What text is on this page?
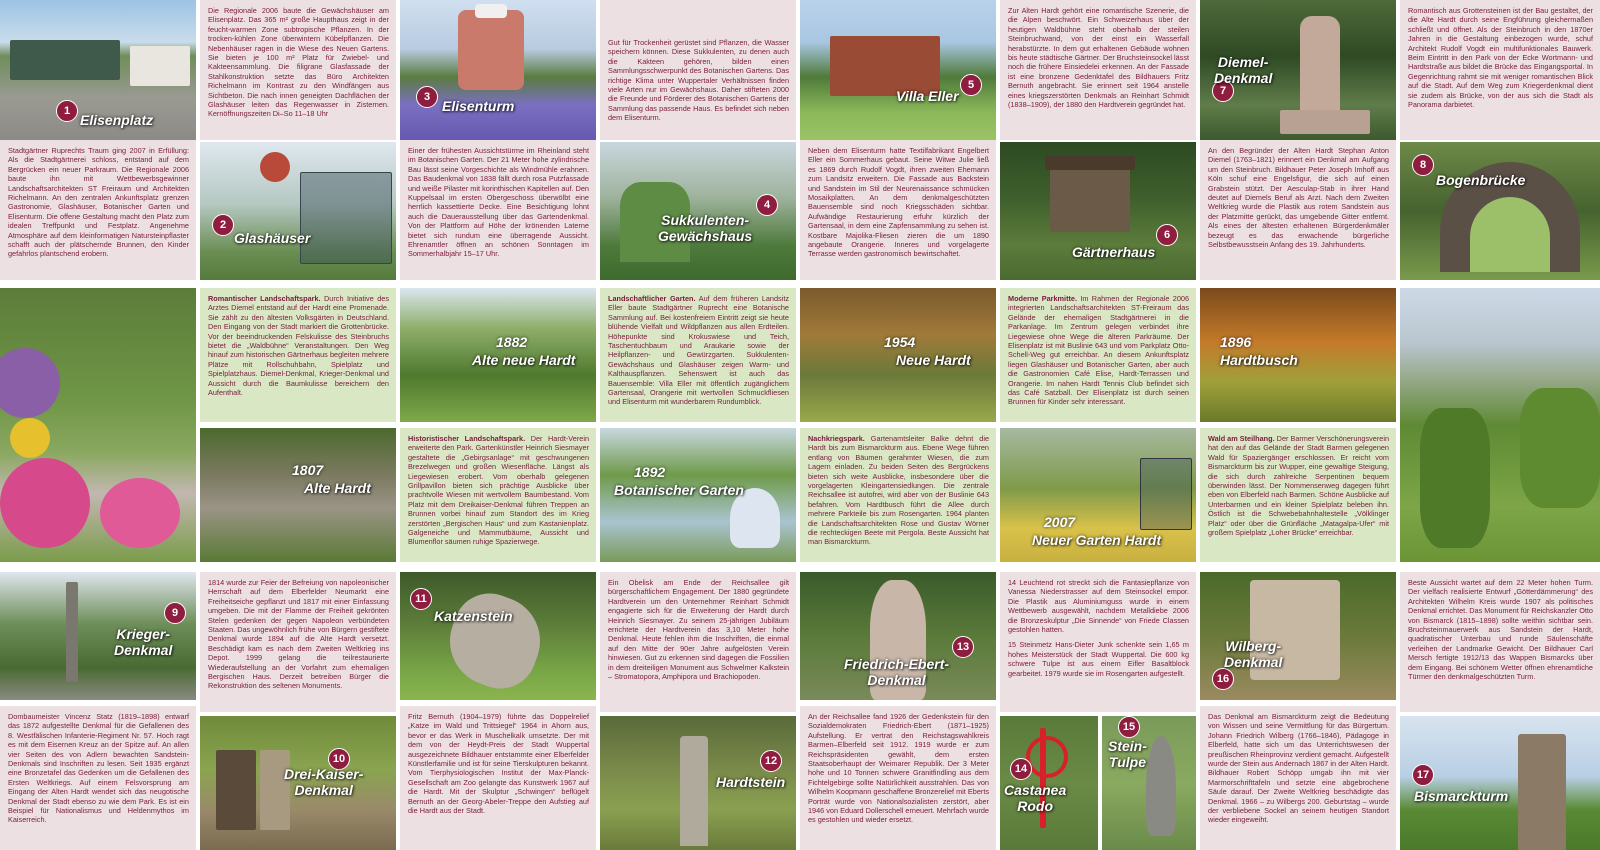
1
Elisenplatz
Stadtgärtner Ruprechts Traum ging 2007 in Erfüllung: Als die Stadtgärtnerei schloss, entstand auf dem Bergrücken ein neuer Parkraum. Die Regionale 2006 baute ihn mit Wettbewerbsgewinner Landschaftsarchitekten ST Freiraum und Architekten Richelmann. An den zentralen Ankunftsplatz grenzen Gastronomie, Glashäuser, Botanischer Garten und Elisenturm. Die offene Gestaltung macht den Platz zum idealen Treffpunkt und Festplatz. Angenehme Atmosphäre auf dem kleinformatigen Natursteinpflaster schafft auch der plätschernde Brunnen, den Kinder gefahrlos plantschend erobern.
Die Regionale 2006 baute die Gewächshäuser am Elisenplatz. Das 365 m² große Haupthaus zeigt in der feucht-warmen Zone subtropische Pflanzen. In der trocken-kühlen Zone überwintern Kübelpflanzen. Die Nebenhäuser ragen in die Wiese des Neuen Gartens. Sie bieten je 100 m² Platz für Zwiebel- und Kakteensammlung. Die filigrane Glasfassade der Stahlkonstruktion setzte das Büro Architekten Richelmann im Kontrast zu den Windfängen aus Sichtbeton. Die nach innen geneigten Dachflächen der Glashäuser leiten das Regenwasser in Zisternen. Kernöffnungszeiten Di–So 11–18 Uhr
2
Glashäuser
3
Elisenturm
Einer der frühesten Aussichtstürme im Rheinland steht im Botanischen Garten. Der 21 Meter hohe zylindrische Bau lässt seine Vorgeschichte als Windmühle erahnen. Das Baudenkmal von 1838 fällt durch rosa Putzfassade und weiße Pilaster mit korinthischen Kapitellen auf. Den Kuppelsaal im ersten Obergeschoss überwölbt eine herrlich kassettierte Decke. Eine Besichtigung lohnt auch die Dauerausstellung über das Gartendenkmal. Von der Plattform auf Höhe der krönenden Laterne bietet sich rundum eine überragende Aussicht. Ehrenamtler öffnen an schönen Sonntagen im Sommerhalbjahr 15–17 Uhr.
Gut für Trockenheit gerüstet sind Pflanzen, die Wasser speichern können. Diese Sukkulenten, zu denen auch die Kakteen gehören, bilden einen Sammlungsschwerpunkt des Botanischen Gartens. Das richtige Klima unter Wuppertaler Verhältnissen finden viele Arten nur im Gewächshaus. Daher stifteten 2000 die Freunde und Förderer des Botanischen Gartens der Sammlung das passende Haus. Es befindet sich neben dem Elisenturm.
4
Sukkulenten-
Gewächshaus
5
Villa Eller
Neben dem Elisenturm hatte Textilfabrikant Engelbert Eller ein Sommerhaus gebaut. Seine Witwe Julie ließ es 1869 durch Rudolf Vogdt, ihren zweiten Ehemann zum Landsitz erweitern. Die Fassade aus Backstein und Sandstein im Stil der Neurenaissance schmücken Mosaikplatten. An dem denkmalgeschützten Bauensemble sind noch Kriegsschäden sichtbar. Aufwändige Restaurierung erfuhr kürzlich der Gartensaal, in dem eine Zapfensammlung zu sehen ist. Kostbare Majolika-Fliesen zieren die um 1890 angebaute Orangerie. Inneres und vorgelagerte Terrasse werden gastronomisch bewirtschaftet.
Zur Alten Hardt gehört eine romantische Szenerie, die die Alpen beschwört. Ein Schweizerhaus über der heutigen Waldbühne steht oberhalb der steilen Steinbruchwand, von der einst ein Wasserfall herabstürzte. In dem gut erhaltenen Gebäude wohnen bis heute städtische Gärtner. Der Bruchsteinsockel lässt noch die frühere Einsiedelei erkennen. An der Fassade ist eine bronzene Gedenktafel des Bildhauers Fritz Bernuth angebracht. Sie erinnert seit 1964 anstelle eines kriegszerstörten Denkmals an Reinhart Schmidt (1838–1909), der 1880 den Hardtverein gegründet hat.
6
Gärtnerhaus
7
Diemel-
Denkmal
An den Begründer der Alten Hardt Stephan Anton Diemel (1763–1821) erinnert ein Denkmal am Aufgang um den Steinbruch. Bildhauer Peter Joseph Imhoff aus Köln schuf eine Engelsfigur, die sich auf einen Grabstein stützt. Der Aesculap-Stab in ihrer Hand deutet auf Diemels Beruf als Arzt. Nach dem Zweiten Weltkrieg wurde die Plastik aus rotem Sandstein aus der Platzmitte gerückt, das umgebende Gitter entfernt. Als eines der ältesten erhaltenen Bürgerdenkmäler bezeugt es das erwachende bürgerliche Selbstbewusstsein Anfang des 19. Jahrhunderts.
Romantisch aus Grottensteinen ist der Bau gestaltet, der die Alte Hardt durch seine Engführung gleichermaßen schließt und öffnet. Als der Steinbruch in den 1870er Jahren in die Gestaltung einbezogen wurde, schuf Architekt Rudolf Vogdt ein multifunktionales Bauwerk. Beim Eintritt in den Park von der Ecke Wortmann- und Hardtstraße aus bildet die Brücke das Eingangsportal. In Gegenrichtung rahmt sie mit weniger romantischen Blick auf die Stadt. Auf dem Weg zum Kriegerdenkmal dient sie zudem als Brücke, von der aus sich die Stadt als Panorama darbietet.
8
Bogenbrücke
Romantischer Landschaftspark. Durch Initiative des Arztes Diemel entstand auf der Hardt eine Promenade. Sie zählt zu den ältesten Volksgärten in Deutschland. Den Eingang von der Stadt markiert die Grottenbrücke. Vor der beeindruckenden Felskulisse des Steinbruchs bietet die „Waldbühne“ Veranstaltungen. Den Weg hinauf zum historischen Gärtnerhaus begleiten mehrere Plätze mit Rollschuhbahn, Spielplatz und Spielplatzhaus. Diemel-Denkmal, Krieger-Denkmal und Aussicht durch die Baumkulisse bereichern den Aufenthalt.
1807
Alte Hardt
1882
Alte neue Hardt
Historistischer Landschaftspark. Der Hardt-Verein erweiterte den Park. Gartenkünstler Heinrich Siesmayer gestaltete die „Gebirgsanlage“ mit geschwungenen Brezelwegen und großen Wiesenfläche. Längst als Liegewiesen erobert. Vom oberhalb gelegenen Grillpavillon bieten sich prächtige Ausblicke über prachtvolle Wiesen mit wertvollem Baumbestand. Vom Platz mit dem Dreikaiser-Denkmal führen Treppen an Brunnen vorbei hinauf zum Standort des im Krieg zerstörten „Bergischen Haus“ und zum Kastanienplatz. Galgeneiche und Mammutbäume, Aussicht und Blumenflor säumen ruhige Spazierwege.
Landschaftlicher Garten. Auf dem früheren Landsitz Eller baute Stadtgärtner Ruprecht eine Botanische Sammlung auf. Bei kostenfreiem Eintritt zeigt sie heute blühende Vielfalt und Wildpflanzen aus allen Erdteilen. Höhepunkte sind Krokuswiese und Teich, Taschentuchbaum und Araukarie sowie der Heilpflanzen- und Gewürzgarten. Sukkulenten-Gewächshaus und Glashäuser zeigen Warm- und Kalthauspflanzen. Sehenswert ist auch das Bauensemble: Villa Eller mit öffentlich zugänglichem Gartensaal, Orangerie mit wertvollen Schmuckfliesen und Elisenturm mit wunderbarem Rundumblick.
1892
Botanischer Garten
1954
Neue Hardt
Nachkriegspark. Gartenamtsleiter Balke dehnt die Hardt bis zum Bismarckturm aus. Ebene Wege führen entlang von Bäumen gerahmter Wiesen, die zum Lagern einladen. Zu beiden Seiten des Bergrückens bieten sich weite Ausblicke, insbesondere über die vorgelagerten Kleingartensiedlungen. Die zentrale Reichsallee ist autofrei, wird aber von der Buslinie 643 befahren. Vom Hardtbusch führt die Allee durch mehrere Parkteile bis zum Rosengarten. 1964 planten die Landschaftsarchitekten Rose und Gustav Wörner die rechteckigen Beete mit Pergola. Beste Aussicht hat man Bismarckturm.
Moderne Parkmitte. Im Rahmen der Regionale 2006 integrierten Landschaftsarchitekten ST-Freiraum das Gelände der ehemaligen Stadtgärtnerei in die Parkanlage. Im Zentrum gelegen verbindet ihre Liegewiese ohne Wege die älteren Parkräume. Der Elisenplatz ist mit Buslinie 643 und vom Parkplatz Otto-Schell-Weg gut erreichbar. An diesem Ankunftsplatz liegen Glashäuser und Botanischer Garten, aber auch die Gastronomien Café Elise, Hardt-Terrassen und Orangerie. Im nahen Hardt Tennis Club befindet sich das Café Satzball. Der Elisenplatz ist durch seinen Brunnen für Kinder sehr interessant.
2007
Neuer Garten Hardt
1896
Hardtbusch
Wald am Steilhang. Der Barmer Verschönerungsverein hat den auf das Gelände der Stadt Barmen gelegenen Wald für Spaziergänger erschlossen. Er reicht vom Bismarckturm bis zur Wupper, eine gewaltige Steigung, die sich durch zahlreiche Serpentinen bequem überwinden lässt. Der Nommensenweg dagegen führt eben von Elberfeld nach Barmen. Schöne Ausblicke auf Unterbarmen und ein kleiner Spielplatz beleben ihn. Östlich ist die Schwebebahnhaltestelle „Völklinger Platz“ oder über die Grünfläche „Matagalpa-Ufer“ mit großem Spielplatz „Loher Brücke“ erreichbar.
9
Krieger-
Denkmal
Dombaumeister Vincenz Statz (1819–1898) entwarf das 1872 aufgestellte Denkmal für die Gefallenen des 8. Westfälischen Infanterie-Regiment Nr. 57. Hoch ragt es mit dem Eisernen Kreuz an der Spitze auf. An allen vier Seiten des von Adlern bewachten Sandstein-Denkmals sind Inschriften zu lesen. Seit 1935 ergänzt eine Bronzetafel das Gedenken um die Gefallenen des Ersten Weltkriegs. Auf einem Felsvorsprung am Eingang der Alten Hardt wendet sich das neugotische Denkmal der Stadt ebenso zu wie dem Park. Es ist ein Beispiel für Nationalismus und Heldenmythos im Kaiserreich.
1814 wurde zur Feier der Befreiung von napoleonischer Herrschaft auf dem Elberfelder Neumarkt eine Freiheitseiche gepflanzt und 1817 mit einer Einfassung umgeben. Die mit der Flamme der Freiheit gekrönten Stelen gedenken der gegen Napoleon verbündeten Staaten. Das ungewöhnlich frühe von Bürgern gestiftete Denkmal wurde 1894 auf die Alte Hardt versetzt. Beschädigt kam es nach dem Zweiten Weltkrieg ins Depot. 1999 gelang die teilrestaurierte Wiederaufstellung an der Vorfahrt zum ehemaligen Bergischen Haus. Derzeit betreiben Bürger die Rekonstruktion des seltenen Monuments.
10
Drei-Kaiser-
Denkmal
11
Katzenstein
Fritz Bernuth (1904–1979) führte das Doppelrelief „Katze im Wald und Trittsiegel“ 1964 in Ahorn aus, bevor er das Werk in Muschelkalk umsetzte. Der mit dem von der Heydt-Preis der Stadt Wuppertal ausgezeichnete Bildhauer entstammte einer Elberfelder Künstlerfamilie und ist für seine Tierskulpturen bekannt. Vom Tierphysiologischen Institut der Max-Planck-Gesellschaft am Zoo gelangte das Kunstwerk 1967 auf die Hardt. Mit der Skulptur „Schwingen“ beflügelt Bernuth an der Georg-Abeler-Treppe den Aufstieg auf die Hardt aus der Stadt.
Ein Obelisk am Ende der Reichsallee gilt bürgerschaftlichem Engagement. Der 1880 gegründete Hardtverein um den Unternehmer Reinhart Schmidt engagierte sich für die Erweiterung der Hardt durch Heinrich Siesmayer. Zu seinem 25-jährigen Jubiläum errichtete der Hardtverein das 3,10 Meter hohe Denkmal. Heute fehlen ihm die Inschriften, die einmal auf den Mitte der 90er Jahre aufgelösten Verein hinwiesen. Gut zu erkennen sind dagegen die Fossilien in dem dreiteiligen Monument aus Schwelmer Kalkstein – Stromatopora, Amphipora und Brachiopoden.
12
Hardtstein
13
Friedrich-Ebert-
Denkmal
An der Reichsallee fand 1926 der Gedenkstein für den Sozialdemokraten Friedrich-Ebert (1871–1925) Aufstellung. Er vertrat den Reichstagswahlkreis Barmen–Elberfeld seit 1912. 1919 wurde er zum Reichspräsidenten gewählt, dem ersten Staatsoberhaupt der Weimarer Republik. Der 3 Meter hohe und 10 Tonnen schwere Granitfindling aus dem Fichtelgebirge sollte Natürlichkeit ausstrahlen. Das von Wilhelm Koopmann geschaffene Bronzerelief mit Eberts Porträt wurde von Nationalsozialisten zerstört, aber 1946 von Eduard Dollerschell erneuert. Mehrfach wurde es gestohlen und wieder ersetzt.
14 Leuchtend rot streckt sich die Fantasiepflanze von Vanessa Niederstrasser auf dem Steinsockel empor. Die Plastik aus Aluminiumguss wurde in einem Wettbewerb ausgewählt, nachdem Metalldiebe 2006 die Bronzeskulptur „Die Sinnende“ von Friede Classen gestohlen hatten.
15 Steinmetz Hans-Dieter Junk schenkte sein 1,65 m hohes Meisterstück der Stadt Wuppertal. Die 600 kg schwere Tulpe ist aus einem Eifler Basaltblock gearbeitet. 1979 wurde sie im Rosengarten aufgestellt.
14
Castanea
Rodo
15
Stein-
Tulpe
16
Wilberg-
Denkmal
Das Denkmal am Bismarckturm zeigt die Bedeutung von Wissen und seine Vermittlung für das Bürgertum. Johann Friedrich Wilberg (1766–1846), Pädagoge in Elberfeld, hatte sich um das Unterrichtswesen der preußischen Rheinprovinz verdient gemacht. Aufgestellt wurde der Stein aus Andernach 1867 in der Alten Hardt. Bildhauer Robert Schöpp umgab ihn mit vier Marmorschrifttafeln und setzte eine abgebrochene Säule darauf. Der Zweite Weltkrieg beschädigte das Denkmal. 1966 – zu Wilbergs 200. Geburtstag – wurde der verbliebene Sockel an seinem heutigen Standort wieder eingeweiht.
Beste Aussicht wartet auf dem 22 Meter hohen Turm. Der vielfach realisierte Entwurf „Götterdämmerung“ des Architekten Wilhelm Kreis wurde 1907 als politisches Denkmal errichtet. Das Monument für Reichskanzler Otto von Bismarck (1815–1898) sollte weithin sichtbar sein. Bruchsteinmauerwerk aus Sandstein der Hardt, quadratischer Unterbau und runde Säulenschäfte verleihen der Landmarke Gewicht. Der Bildhauer Carl Mersch fertigte 1912/13 das Wappen Bismarcks über dem Eingang. Bei schönem Wetter öffnen ehrenamtliche Türmer den denkmalgeschützten Turm.
17
Bismarckturm
